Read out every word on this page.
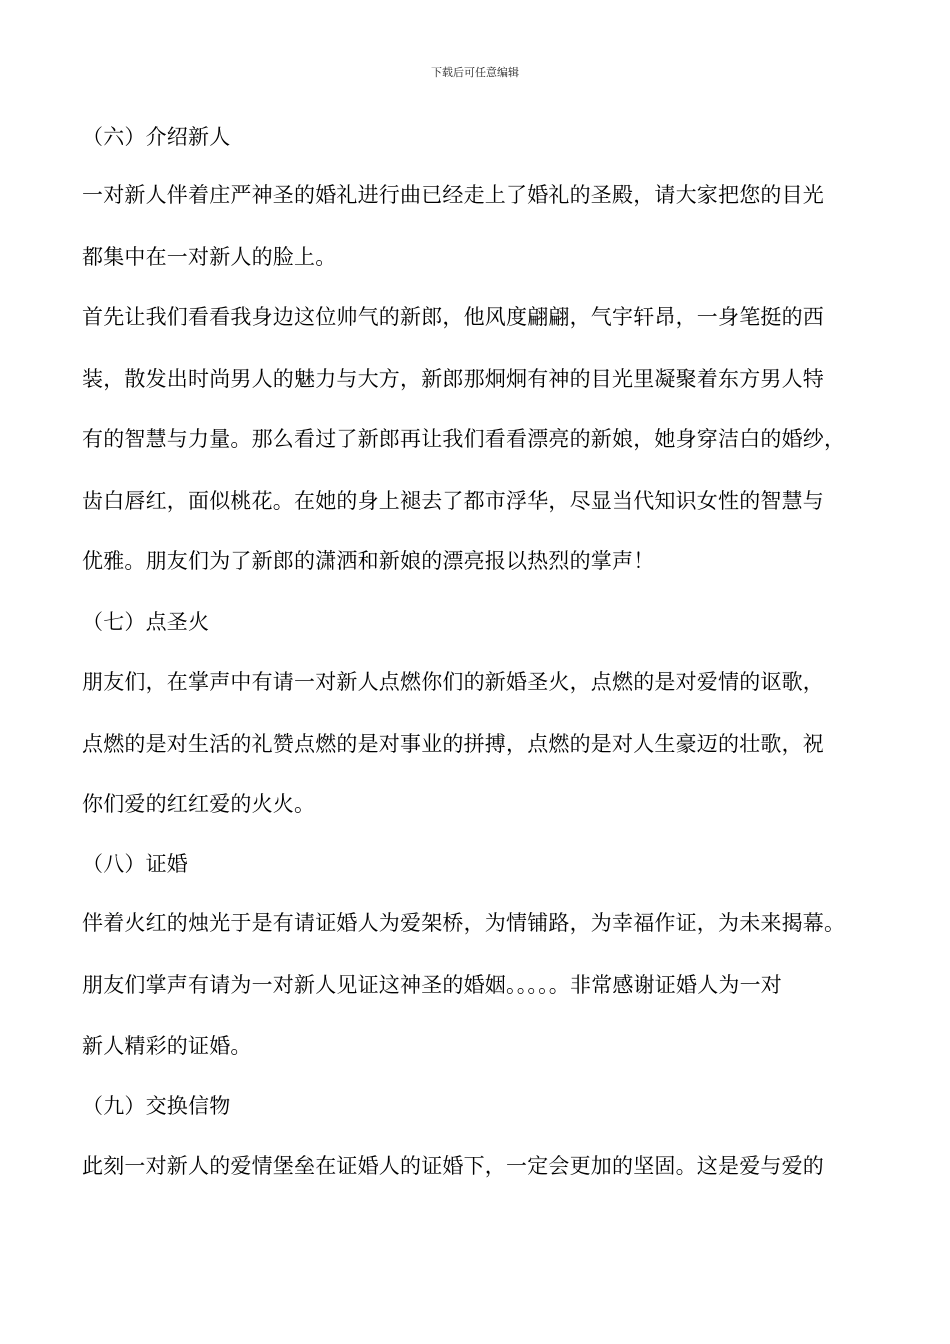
下载后可任意编辑
（六）介绍新人
一对新人伴着庄严神圣的婚礼进行曲已经走上了婚礼的圣殿，请大家把您的目光
都集中在一对新人的脸上。
首先让我们看看我身边这位帅气的新郎，他风度翩翩，气宇轩昂，一身笔挺的西
装，散发出时尚男人的魅力与大方，新郎那炯炯有神的目光里凝聚着东方男人特
有的智慧与力量。那么看过了新郎再让我们看看漂亮的新娘，她身穿洁白的婚纱，
齿白唇红，面似桃花。在她的身上褪去了都市浮华，尽显当代知识女性的智慧与
优雅。朋友们为了新郎的潇洒和新娘的漂亮报以热烈的掌声！
（七）点圣火
朋友们，在掌声中有请一对新人点燃你们的新婚圣火，点燃的是对爱情的讴歌，
点燃的是对生活的礼赞点燃的是对事业的拼搏，点燃的是对人生豪迈的壮歌，祝
你们爱的红红爱的火火。
（八）证婚
伴着火红的烛光于是有请证婚人为爱架桥，为情铺路，为幸福作证，为未来揭幕。
朋友们掌声有请为一对新人见证这神圣的婚姻。。。。。非常感谢证婚人为一对
新人精彩的证婚。
（九）交换信物
此刻一对新人的爱情堡垒在证婚人的证婚下，一定会更加的坚固。这是爱与爱的
